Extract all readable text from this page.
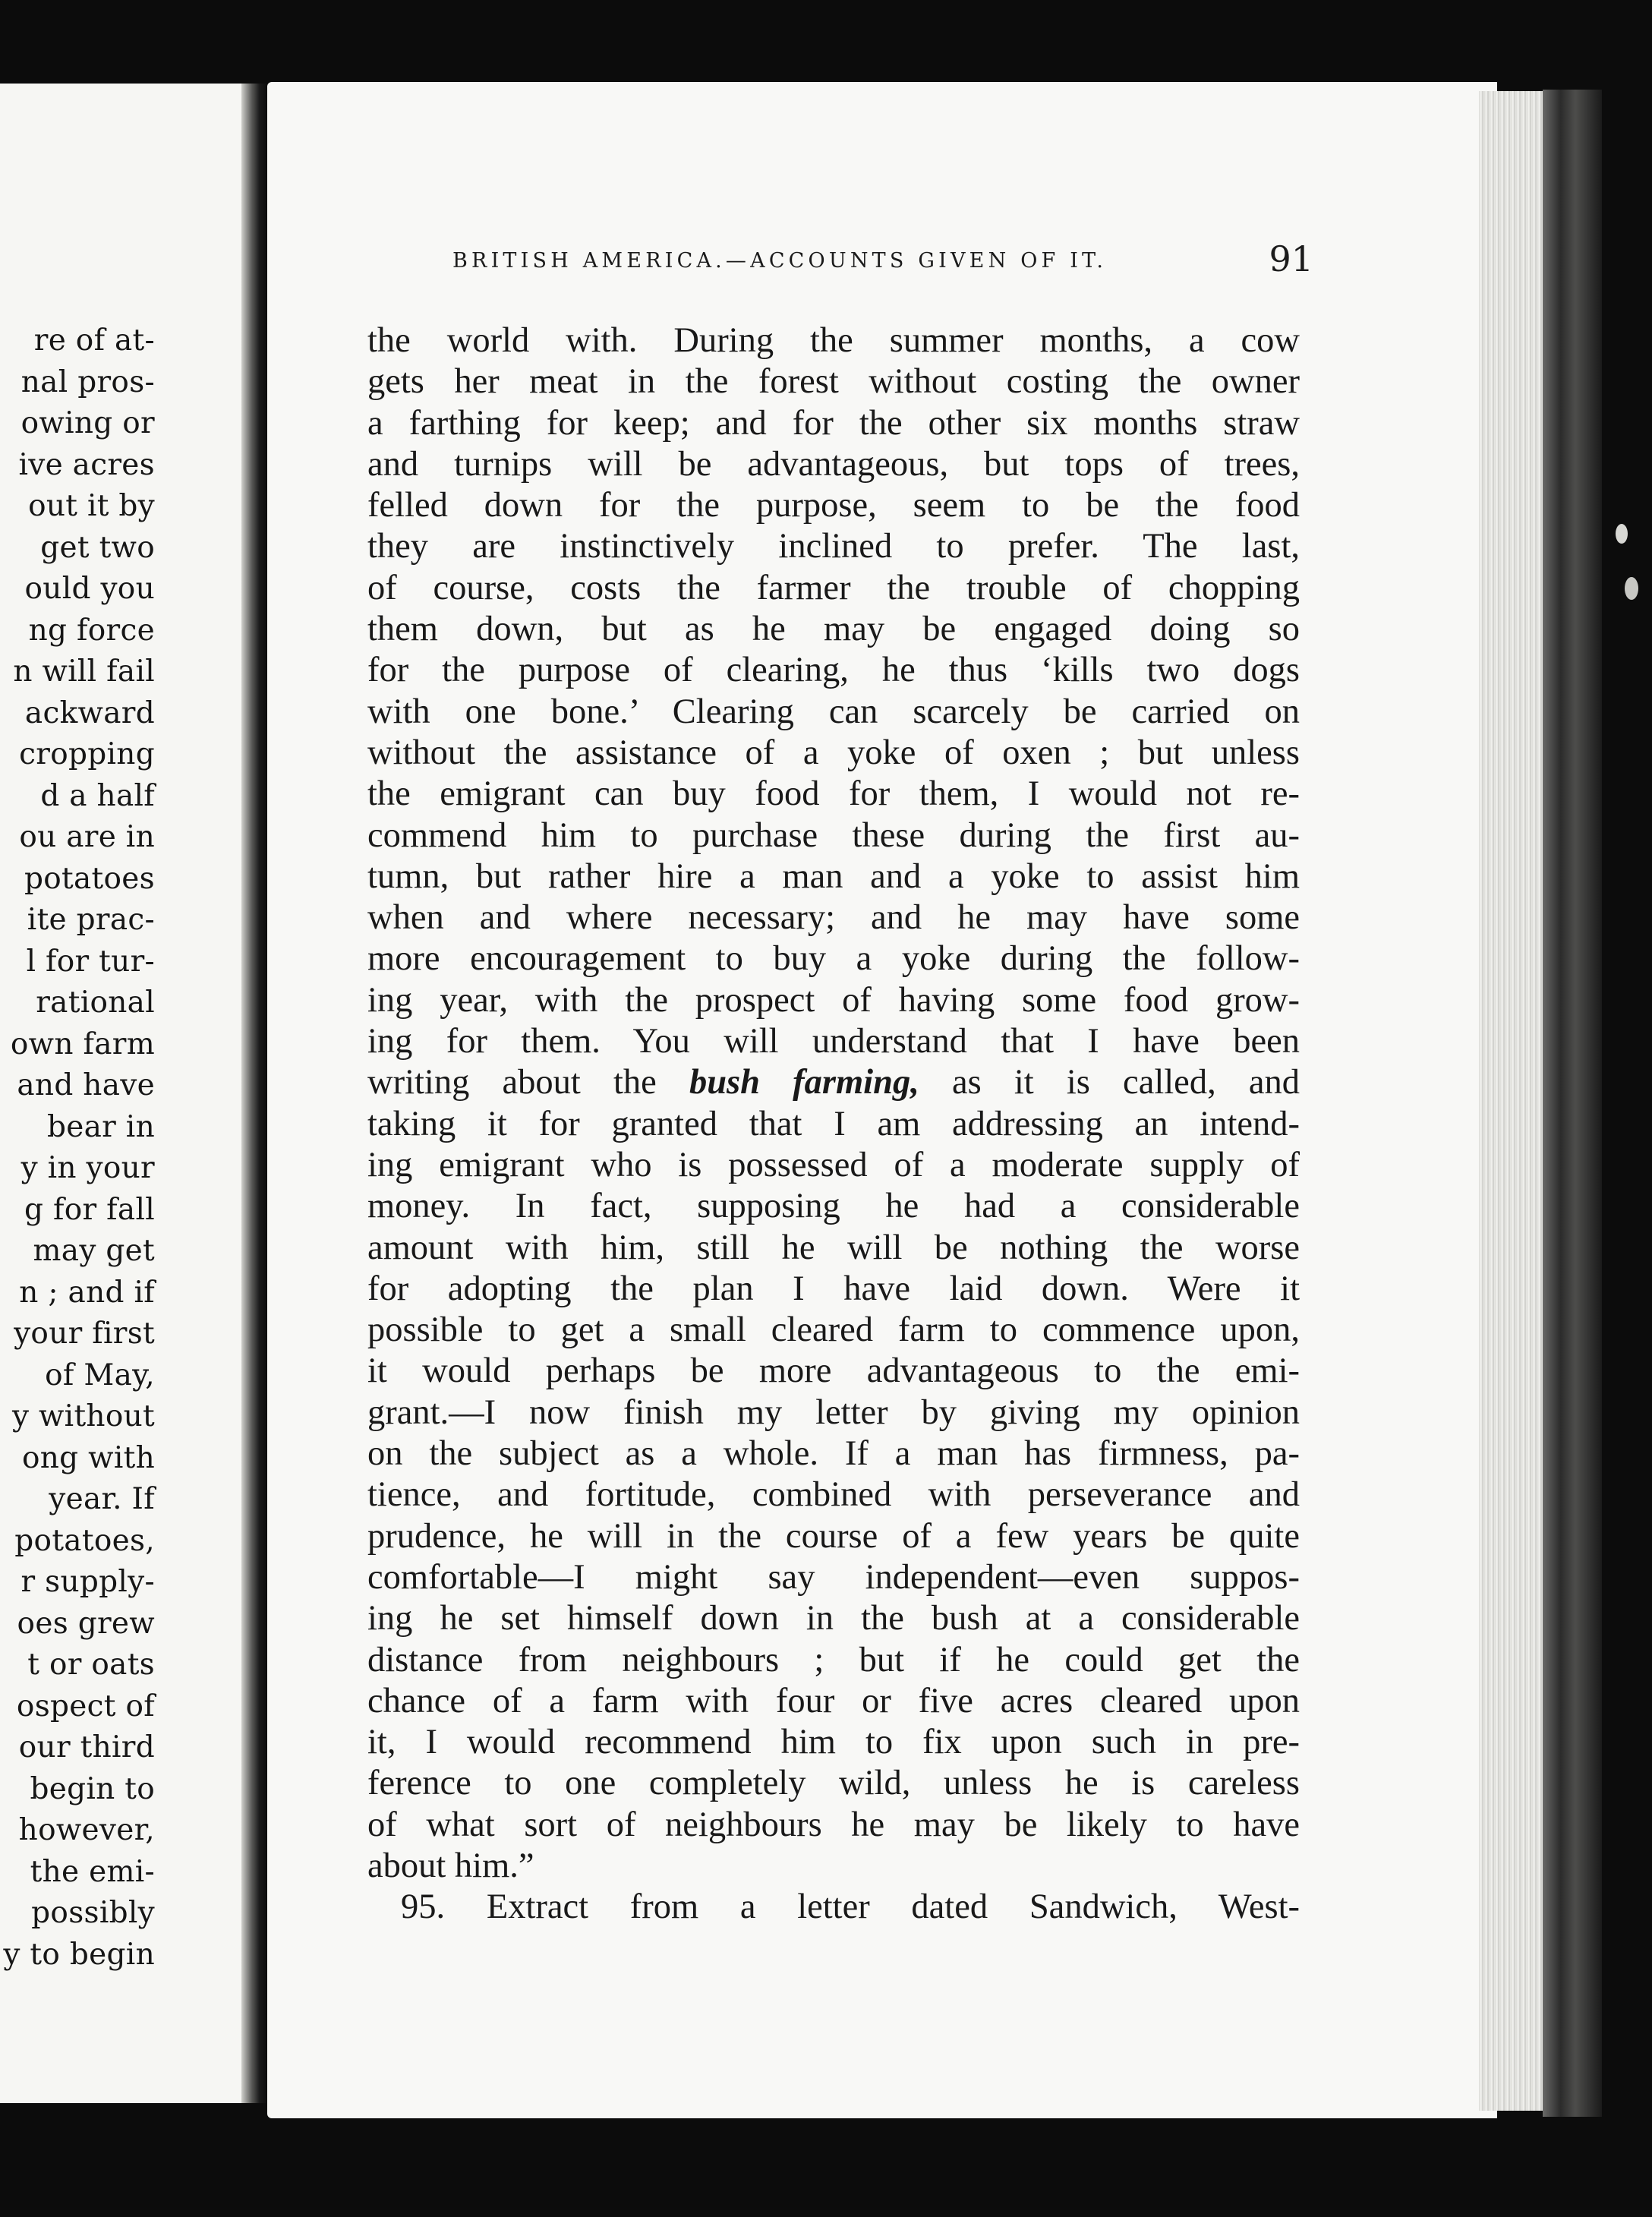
re of at-
nal pros-
owing or
ive acres
out it by
get two
ould you
ng force
n will fail
ackward
cropping
d a half
ou are in
potatoes
ite prac-
l for tur-
rational
own farm
and have
bear in
y in your
g for fall
may get
n ; and if
your first
of May,
y without
ong with
year. If
potatoes,
r supply-
oes grew
t or oats
ospect of
our third
begin to
however,
the emi-
possibly
y to begin
BRITISH AMERICA.—ACCOUNTS GIVEN OF IT.	91
the world with. During the summer months, a cow
gets her meat in the forest without costing the owner
a farthing for keep; and for the other six months straw
and turnips will be advantageous, but tops of trees,
felled down for the purpose, seem to be the food
they are instinctively inclined to prefer. The last,
of course, costs the farmer the trouble of chopping
them down, but as he may be engaged doing so
for the purpose of clearing, he thus ‘kills two dogs
with one bone.’ Clearing can scarcely be carried on
without the assistance of a yoke of oxen ; but unless
the emigrant can buy food for them, I would not re-
commend him to purchase these during the first au-
tumn, but rather hire a man and a yoke to assist him
when and where necessary; and he may have some
more encouragement to buy a yoke during the follow-
ing year, with the prospect of having some food grow-
ing for them. You will understand that I have been
writing about the bush farming, as it is called, and
taking it for granted that I am addressing an intend-
ing emigrant who is possessed of a moderate supply of
money. In fact, supposing he had a considerable
amount with him, still he will be nothing the worse
for adopting the plan I have laid down. Were it
possible to get a small cleared farm to commence upon,
it would perhaps be more advantageous to the emi-
grant.—I now finish my letter by giving my opinion
on the subject as a whole. If a man has firmness, pa-
tience, and fortitude, combined with perseverance and
prudence, he will in the course of a few years be quite
comfortable—I might say independent—even suppos-
ing he set himself down in the bush at a considerable
distance from neighbours ; but if he could get the
chance of a farm with four or five acres cleared upon
it, I would recommend him to fix upon such in pre-
ference to one completely wild, unless he is careless
of what sort of neighbours he may be likely to have
about him.”
95. Extract from a letter dated Sandwich, West-
